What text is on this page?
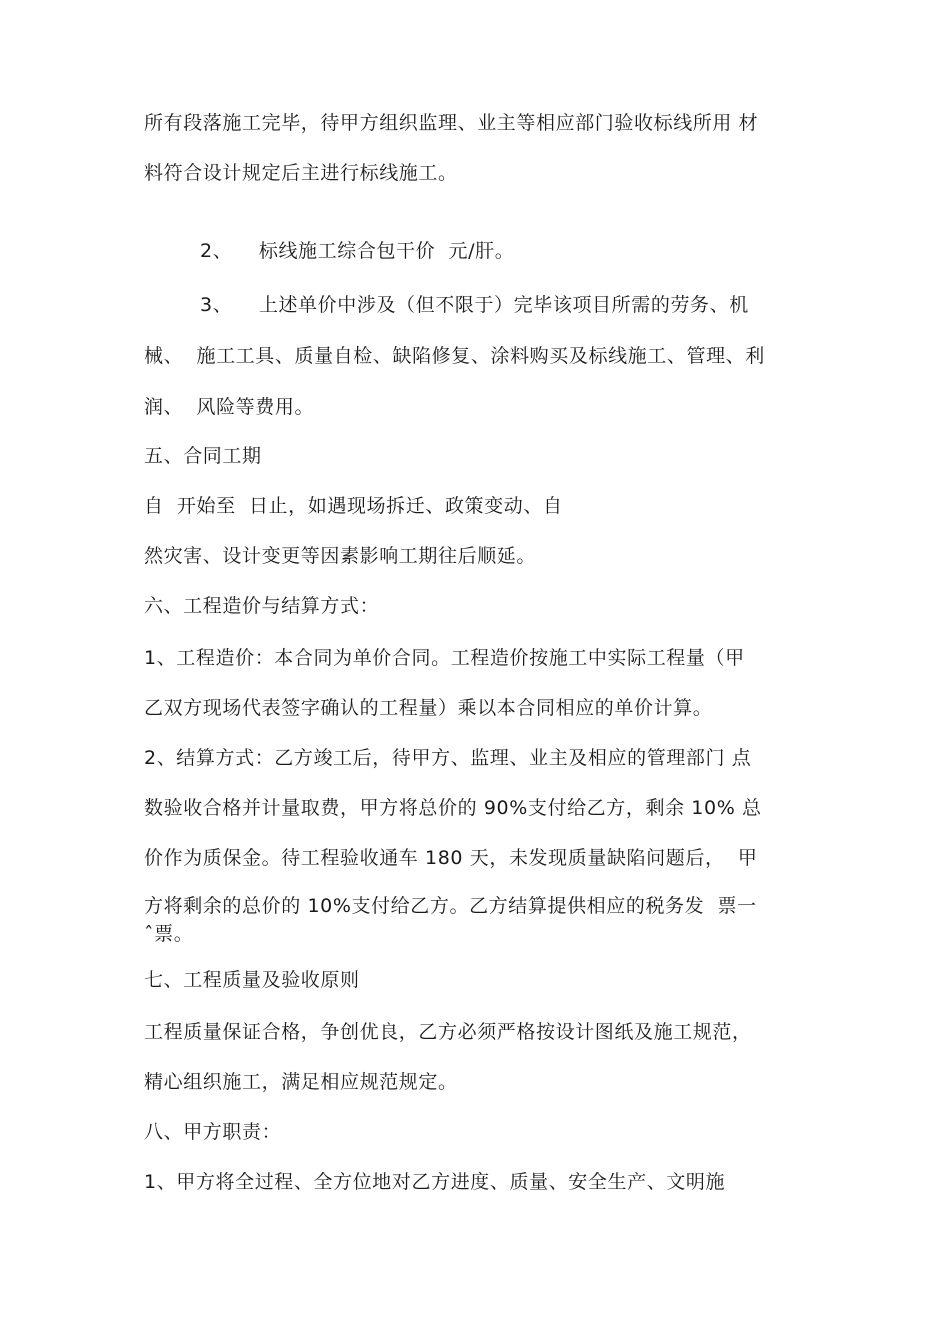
所有段落施工完毕，待甲方组织监理、业主等相应部门验收标线所用 材
料符合设计规定后主进行标线施工。
2、    标线施工综合包干价  元/肝。
3、    上述单价中涉及（但不限于）完毕该项目所需的劳务、机
械、  施工工具、质量自检、缺陷修复、涂料购买及标线施工、管理、利
润、  风险等费用。
五、合同工期
自  开始至  日止，如遇现场拆迁、政策变动、自
然灾害、设计变更等因素影响工期往后顺延。
六、工程造价与结算方式：
1、工程造价：本合同为单价合同。工程造价按施工中实际工程量（甲
乙双方现场代表签字确认的工程量）乘以本合同相应的单价计算。
2、结算方式：乙方竣工后，待甲方、监理、业主及相应的管理部门 点
数验收合格并计量取费，甲方将总价的 90%支付给乙方，剩余 10% 总
价作为质保金。待工程验收通车 180 天，未发现质量缺陷问题后，  甲
方将剩余的总价的 10%支付给乙方。乙方结算提供相应的税务发  票一
ˆ票。
七、工程质量及验收原则
工程质量保证合格，争创优良，乙方必须严格按设计图纸及施工规范，
精心组织施工，满足相应规范规定。
八、甲方职责：
1、甲方将全过程、全方位地对乙方进度、质量、安全生产、文明施
